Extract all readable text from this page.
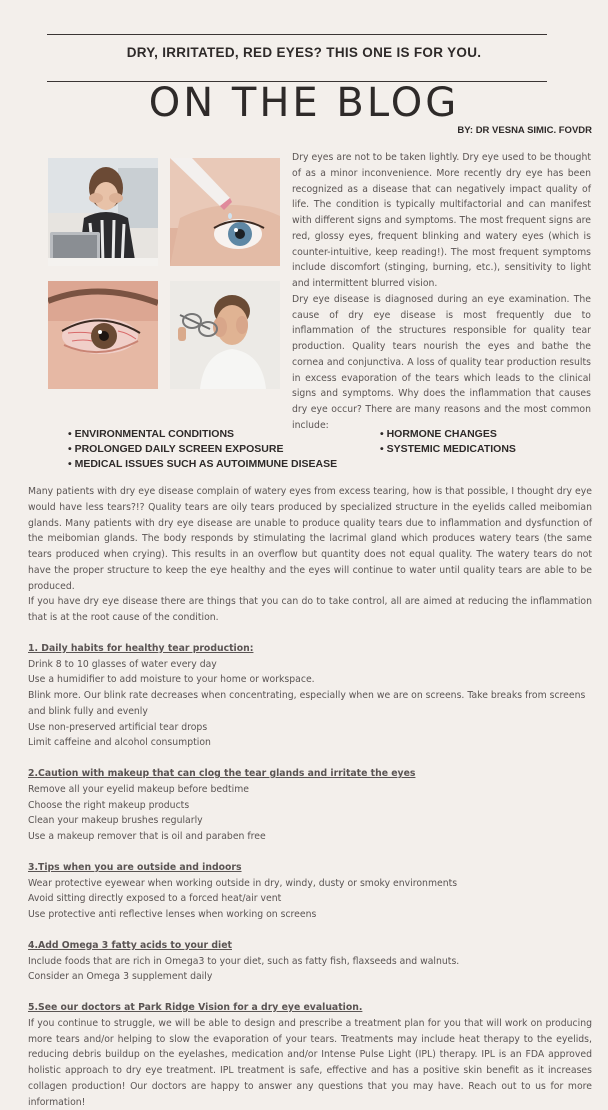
DRY, IRRITATED, RED EYES? THIS ONE IS FOR YOU.
ON THE BLOG
BY: DR VESNA SIMIC. FOVDR

Dry eyes are not to be taken lightly. Dry eye used to be thought of as a minor inconvenience. More recently dry eye has been recognized as a disease that can negatively impact quality of life. The condition is typically multifactorial and can manifest with different signs and symptoms. The most frequent signs are red, glossy eyes, frequent blinking and watery eyes (which is counter-intuitive, keep reading!). The most frequent symptoms include discomfort (stinging, burning, etc.), sensitivity to light and intermittent blurred vision.

Dry eye disease is diagnosed during an eye examination. The cause of dry eye disease is most frequently due to inflammation of the structures responsible for quality tear production. Quality tears nourish the eyes and bathe the cornea and conjunctiva. A loss of quality tear production results in excess evaporation of the tears which leads to the clinical signs and symptoms. Why does the inflammation that causes dry eye occur? There are many reasons and the most common include:

• ENVIRONMENTAL CONDITIONS
• PROLONGED DAILY SCREEN EXPOSURE
• MEDICAL ISSUES SUCH AS AUTOIMMUNE DISEASE
• HORMONE CHANGES
• SYSTEMIC MEDICATIONS

Many patients with dry eye disease complain of watery eyes from excess tearing, how is that possible, I thought dry eye would have less tears?!? Quality tears are oily tears produced by specialized structure in the eyelids called meibomian glands. Many patients with dry eye disease are unable to produce quality tears due to inflammation and dysfunction of the meibomian glands. The body responds by stimulating the lacrimal gland which produces watery tears (the same tears produced when crying). This results in an overflow but quantity does not equal quality. The watery tears do not have the proper structure to keep the eye healthy and the eyes will continue to water until quality tears are able to be produced.

If you have dry eye disease there are things that you can do to take control, all are aimed at reducing the inflammation that is at the root cause of the condition.

1. Daily habits for healthy tear production:

Drink 8 to 10 glasses of water every day

Use a humidifier to add moisture to your home or workspace.

Blink more. Our blink rate decreases when concentrating, especially when we are on screens. Take breaks from screens and blink fully and evenly

Use non-preserved artificial tear drops

Limit caffeine and alcohol consumption

2.Caution with makeup that can clog the tear glands and irritate the eyes

Remove all your eyelid makeup before bedtime

Choose the right makeup products

Clean your makeup brushes regularly

Use a makeup remover that is oil and paraben free

3.Tips when you are outside and indoors

Wear protective eyewear when working outside in dry, windy, dusty or smoky environments

Avoid sitting directly exposed to a forced heat/air vent

Use protective anti reflective lenses when working on screens

4.Add Omega 3 fatty acids to your diet

Include foods that are rich in Omega3 to your diet, such as fatty fish, flaxseeds and walnuts.

Consider an Omega 3 supplement daily

5.See our doctors at Park Ridge Vision for a dry eye evaluation.

If you continue to struggle, we will be able to design and prescribe a treatment plan for you that will work on producing more tears and/or helping to slow the evaporation of your tears. Treatments may include heat therapy to the eyelids, reducing debris buildup on the eyelashes, medication and/or Intense Pulse Light (IPL) therapy. IPL is an FDA approved holistic approach to dry eye treatment. IPL treatment is safe, effective and has a positive skin benefit as it increases collagen production! Our doctors are happy to answer any questions that you may have. Reach out to us for more information!
